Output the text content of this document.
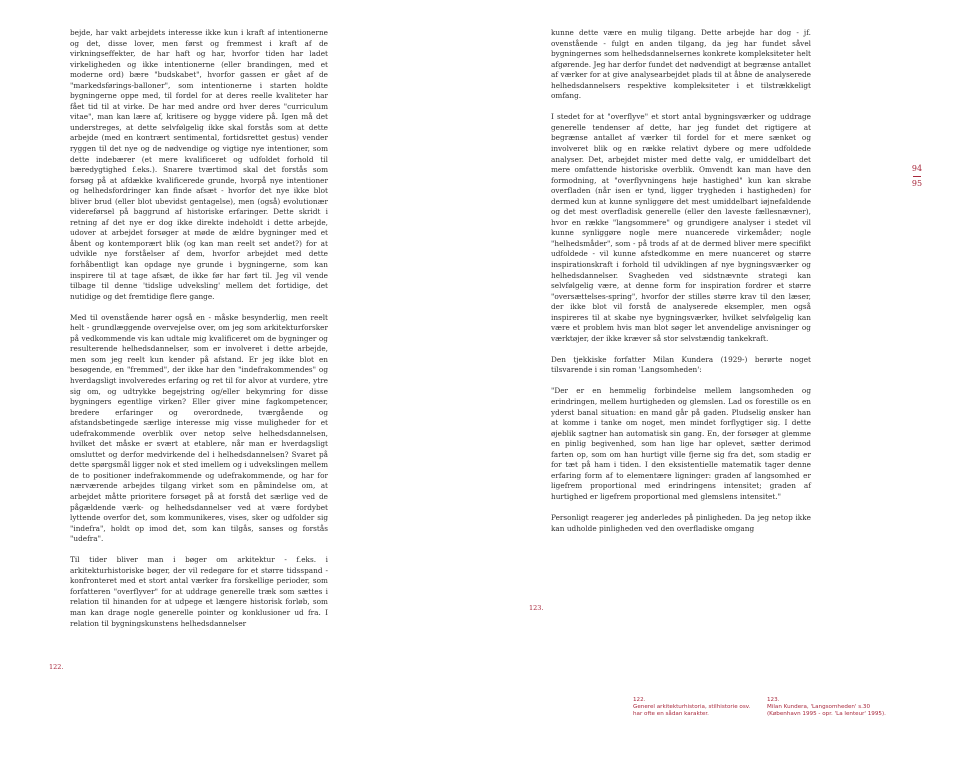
bejde, har vakt arbejdets interesse ikke kun i kraft af intentionerne og det, disse lover, men først og fremmest i kraft af de virkningseffekter, de har haft og har, hvorfor tiden har ladet virkeligheden og ikke intentionerne (eller brandingen, med et moderne ord) bære "budskabet", hvorfor gassen er gået af de "markedsførings-balloner", som intentionerne i starten holdte bygningerne oppe med, til fordel for at deres reelle kvaliteter har fået tid til at virke. De har med andre ord hver deres "curriculum vitae", man kan lære af, kritisere og bygge videre på. Igen må det understreges, at dette selvfølgelig ikke skal forstås som at dette arbejde (med en kontrært sentimental, fortidsrettet gestus) vender ryggen til det nye og de nødvendige og vigtige nye intentioner, som dette indebærer (et mere kvalificeret og udfoldet forhold til bæredygtighed f.eks.). Snarere tværtimod skal det forstås som forsøg på at afdække kvalificerede grunde, hvorpå nye intentioner og helhedsfordringer kan finde afsæt - hvorfor det nye ikke blot bliver brud (eller blot ubevidst gentagelse), men (også) evolutionær videreførsel på baggrund af historiske erfaringer. Dette skridt i retning af det nye er dog ikke direkte indeholdt i dette arbejde, udover at arbejdet forsøger at møde de ældre bygninger med et åbent og kontemporært blik (og kan man reelt set andet?) for at udvikle nye forståelser af dem, hvorfor arbejdet med dette forhåbentligt kan opdage nye grunde i bygningerne, som kan inspirere til at tage afsæt, de ikke før har ført til. Jeg vil vende tilbage til denne 'tidslige udveksling' mellem det fortidige, det nutidige og det fremtidige flere gange.

Med til ovenstående hører også en - måske besynderlig, men reelt helt - grundlæggende overvejelse over, om jeg som arkitekturforsker på vedkommende vis kan udtale mig kvalificeret om de bygninger og resulterende helhedsdannelser, som er involveret i dette arbejde, men som jeg reelt kun kender på afstand. Er jeg ikke blot en besøgende, en "fremmed", der ikke har den "indefrakommendes" og hverdagsligt involveredes erfaring og ret til for alvor at vurdere, ytre sig om, og udtrykke begejstring og/eller bekymring for disse bygningers egentlige virken? Eller giver mine fagkompetencer, bredere erfaringer og overordnede, tværgående og afstandsbetingede særlige interesse mig visse muligheder for et udefrakommende overblik over netop selve helhedsdannelsen, hvilket det måske er svært at etablere, når man er hverdagsligt omsluttet og derfor medvirkende del i helhedsdannelsen? Svaret på dette spørgsmål ligger nok et sted imellem og i udvekslingen mellem de to positioner indefrakommende og udefrakommende, og har for nærværende arbejdes tilgang virket som en påmindelse om, at arbejdet måtte prioritere forsøget på at forstå det særlige ved de pågældende værk- og helhedsdannelser ved at være fordybet lyttende overfor det, som kommunikeres, vises, sker og udfolder sig "indefra", holdt op imod det, som kan tilgås, sanses og forstås "udefra".

Til tider bliver man i bøger om arkitektur - f.eks. i arkitekturhistoriske bøger, der vil redegøre for et større tidsspand - konfronteret med et stort antal værker fra forskellige perioder, som forfatteren "overflyver" for at uddrage generelle træk som sættes i relation til hinanden for at udpege et længere historisk forløb, som man kan drage nogle generelle pointer og konklusioner ud fra. I relation til bygningskunstens helhedsdannelser

kunne dette være en mulig tilgang. Dette arbejde har dog - jf. ovenstående - fulgt en anden tilgang, da jeg har fundet såvel bygningernes som helhedsdannelsernes konkrete kompleksiteter helt afgørende. Jeg har derfor fundet det nødvendigt at begrænse antallet af værker for at give analysearbejdet plads til at åbne de analyserede helhedsdannelsers respektive kompleksiteter i et tilstrækkeligt omfang.

I stedet for at "overflyve" et stort antal bygningsværker og uddrage generelle tendenser af dette, har jeg fundet det rigtigere at begrænse antallet af værker til fordel for et mere sænket og involveret blik og en række relativt dybere og mere udfoldede analyser. Det, arbejdet mister med dette valg, er umiddelbart det mere omfattende historiske overblik. Omvendt kan man have den formodning, at "overflyvningens høje hastighed" kun kan skrabe overfladen (når isen er tynd, ligger trygheden i hastigheden) for dermed kun at kunne synliggøre det mest umiddelbart iøjnefaldende og det mest overfladisk generelle (eller den laveste fællesnævner), hvor en række "langsommere" og grundigere analyser i stedet vil kunne synliggøre nogle mere nuancerede virkemåder; nogle "helhedsmåder", som - på trods af at de dermed bliver mere specifikt udfoldede - vil kunne afstedkomme en mere nuanceret og større inspirationskraft i forhold til udviklingen af nye bygningsværker og helhedsdannelser. Svagheden ved sidstnævnte strategi kan selvfølgelig være, at denne form for inspiration fordrer et større "oversættelses-spring", hvorfor der stilles større krav til den læser, der ikke blot vil forstå de analyserede eksempler, men også inspireres til at skabe nye bygningsværker, hvilket selvfølgelig kan være et problem hvis man blot søger let anvendelige anvisninger og værktøjer, der ikke kræver så stor selvstændig tankekraft.

Den tjekkiske forfatter Milan Kundera (1929-) berørte noget tilsvarende i sin roman 'Langsomheden':

"Der er en hemmelig forbindelse mellem langsomheden og erindringen, mellem hurtigheden og glemslen. Lad os forestille os en yderst banal situation: en mand går på gaden. Pludselig ønsker han at komme i tanke om noget, men mindet forflygtiger sig. I dette øjeblik sagtner han automatisk sin gang. En, der forsøger at glemme en pinlig begivenhed, som han lige har oplevet, sætter derimod farten op, som om han hurtigt ville fjerne sig fra det, som stadig er for tæt på ham i tiden. I den eksistentielle matematik tager denne erfaring form af to elementære ligninger: graden af langsomhed er ligefrem proportional med erindringens intensitet; graden af hurtighed er ligefrem proportional med glemslens intensitet."

Personligt reagerer jeg anderledes på pinligheden. Da jeg netop ikke kan udholde pinligheden ved den overfladiske omgang

122.
123.
94
95
122.
Generel arkitekturhistoria, stilhistorie osv. har ofte en sådan karakter.
123.
Milan Kundera, 'Langsomheden' s.30 (København 1995 - opr. 'La lenteur' 1995).
